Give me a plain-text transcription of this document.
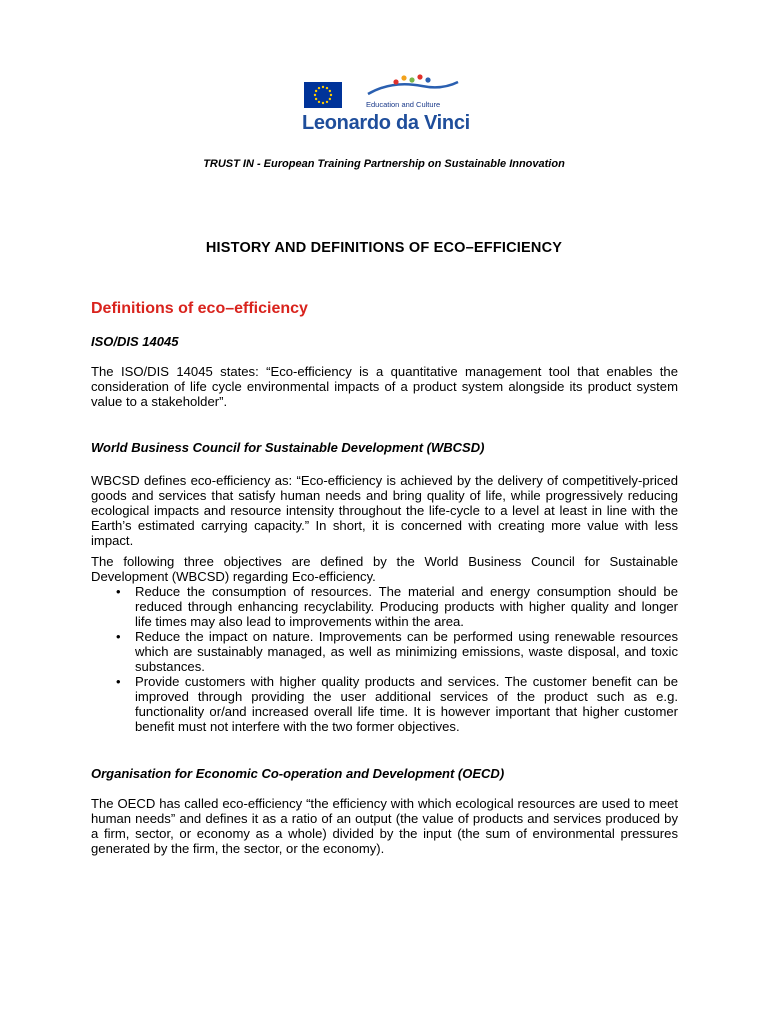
Education and Culture
Leonardo da Vinci
TRUST IN - European Training Partnership on Sustainable Innovation
HISTORY AND DEFINITIONS OF ECO–EFFICIENCY
Definitions of eco–efficiency
ISO/DIS 14045
The ISO/DIS 14045 states: “Eco-efficiency is a quantitative management tool that enables the consideration of life cycle environmental impacts of a product system alongside its product system value to a stakeholder”.
World Business Council for Sustainable Development (WBCSD)
WBCSD defines eco-efficiency as: “Eco-efficiency is achieved by the delivery of competitively-priced goods and services that satisfy human needs and bring quality of life, while progressively reducing ecological impacts and resource intensity throughout the life-cycle to a level at least in line with the Earth’s estimated carrying capacity.” In short, it is concerned with creating more value with less impact.
The following three objectives are defined by the World Business Council for Sustainable Development (WBCSD) regarding Eco-efficiency.
• Reduce the consumption of resources. The material and energy consumption should be reduced through enhancing recyclability. Producing products with higher quality and longer life times may also lead to improvements within the area.
• Reduce the impact on nature. Improvements can be performed using renewable resources which are sustainably managed, as well as minimizing emissions, waste disposal, and toxic substances.
• Provide customers with higher quality products and services. The customer benefit can be improved through providing the user additional services of the product such as e.g. functionality or/and increased overall life time. It is however important that higher customer benefit must not interfere with the two former objectives.
Organisation for Economic Co-operation and Development (OECD)
The OECD has called eco-efficiency “the efficiency with which ecological resources are used to meet human needs” and defines it as a ratio of an output (the value of products and services produced by a firm, sector, or economy as a whole) divided by the input (the sum of environmental pressures generated by the firm, the sector, or the economy).
